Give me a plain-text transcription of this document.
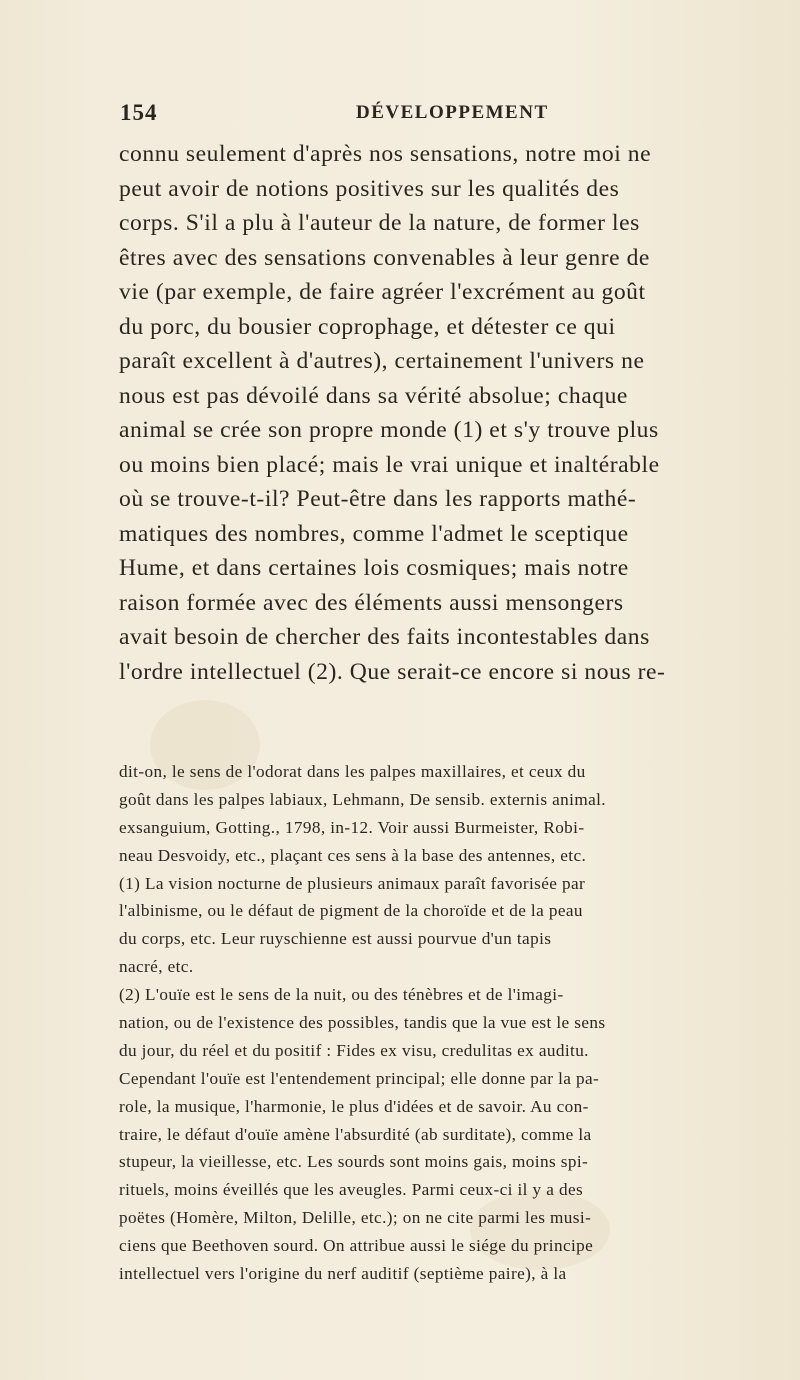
154	DÉVELOPPEMENT
connu seulement d'après nos sensations, notre moi ne
peut avoir de notions positives sur les qualités des
corps. S'il a plu à l'auteur de la nature, de former les
êtres avec des sensations convenables à leur genre de
vie (par exemple, de faire agréer l'excrément au goût
du porc, du bousier coprophage, et détester ce qui
paraît excellent à d'autres), certainement l'univers ne
nous est pas dévoilé dans sa vérité absolue; chaque
animal se crée son propre monde (1) et s'y trouve plus
ou moins bien placé; mais le vrai unique et inaltérable
où se trouve-t-il? Peut-être dans les rapports mathé-
matiques des nombres, comme l'admet le sceptique
Hume, et dans certaines lois cosmiques; mais notre
raison formée avec des éléments aussi mensongers
avait besoin de chercher des faits incontestables dans
l'ordre intellectuel (2). Que serait-ce encore si nous re-
dit-on, le sens de l'odorat dans les palpes maxillaires, et ceux du
goût dans les palpes labiaux, Lehmann, De sensib. externis animal.
exsanguium, Gotting., 1798, in-12. Voir aussi Burmeister, Robi-
neau Desvoidy, etc., plaçant ces sens à la base des antennes, etc.
(1) La vision nocturne de plusieurs animaux paraît favorisée par
l'albinisme, ou le défaut de pigment de la choroïde et de la peau
du corps, etc. Leur ruyschienne est aussi pourvue d'un tapis
nacré, etc.
(2) L'ouïe est le sens de la nuit, ou des ténèbres et de l'imagi-
nation, ou de l'existence des possibles, tandis que la vue est le sens
du jour, du réel et du positif : Fides ex visu, credulitas ex auditu.
Cependant l'ouïe est l'entendement principal; elle donne par la pa-
role, la musique, l'harmonie, le plus d'idées et de savoir. Au con-
traire, le défaut d'ouïe amène l'absurdité (ab surditate), comme la
stupeur, la vieillesse, etc. Les sourds sont moins gais, moins spi-
rituels, moins éveillés que les aveugles. Parmi ceux-ci il y a des
poëtes (Homère, Milton, Delille, etc.); on ne cite parmi les musi-
ciens que Beethoven sourd. On attribue aussi le siége du principe
intellectuel vers l'origine du nerf auditif (septième paire), à la
